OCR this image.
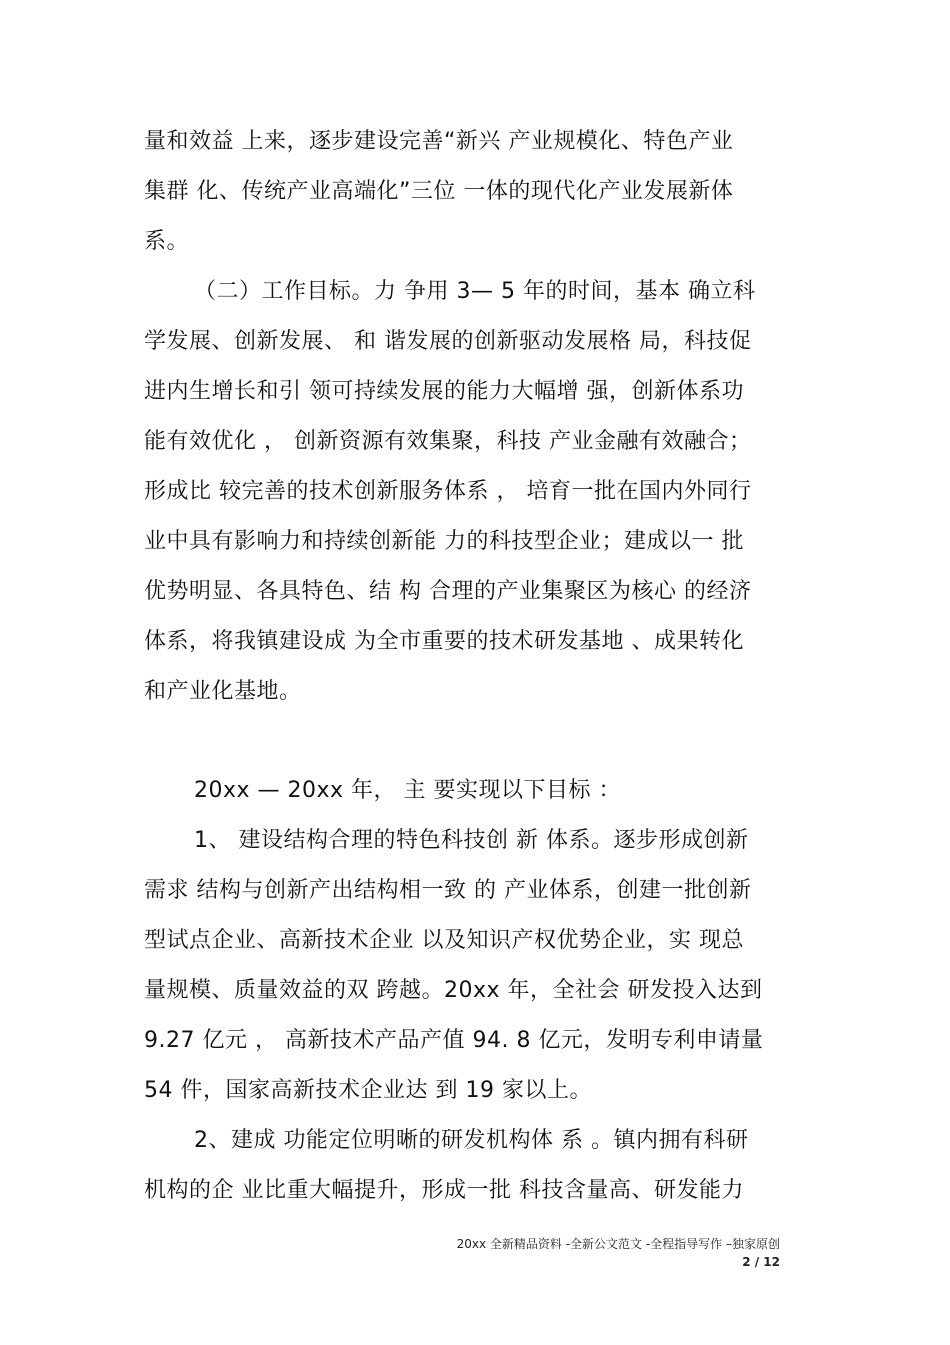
量和效益 上来，逐步建设完善“新兴 产业规模化、特色产业
集群 化、传统产业高端化”三位 一体的现代化产业发展新体
系。
（二）工作目标。力 争用 3— 5 年的时间，基本 确立科
学发展、创新发展、 和 谐发展的创新驱动发展格 局，科技促
进内生增长和引 领可持续发展的能力大幅增 强，创新体系功
能有效优化 ， 创新资源有效集聚，科技 产业金融有效融合；
形成比 较完善的技术创新服务体系 ， 培育一批在国内外同行
业中具有影响力和持续创新能 力的科技型企业；建成以一 批
优势明显、各具特色、结 构 合理的产业集聚区为核心 的经济
体系，将我镇建设成 为全市重要的技术研发基地 、成果转化
和产业化基地。
20xx — 20xx 年， 主 要实现以下目标 ：
1、 建设结构合理的特色科技创 新 体系。逐步形成创新
需求 结构与创新产出结构相一致 的 产业体系，创建一批创新
型试点企业、高新技术企业 以及知识产权优势企业，实 现总
量规模、质量效益的双 跨越。20xx 年，全社会 研发投入达到
9.27 亿元 ， 高新技术产品产值 94. 8 亿元，发明专利申请量
54 件，国家高新技术企业达 到 19 家以上。
2、建成 功能定位明晰的研发机构体 系 。镇内拥有科研
机构的企 业比重大幅提升，形成一批 科技含量高、研发能力
20xx 全新精品资料 -全新公文范文 -全程指导写作 –独家原创
2 / 12
